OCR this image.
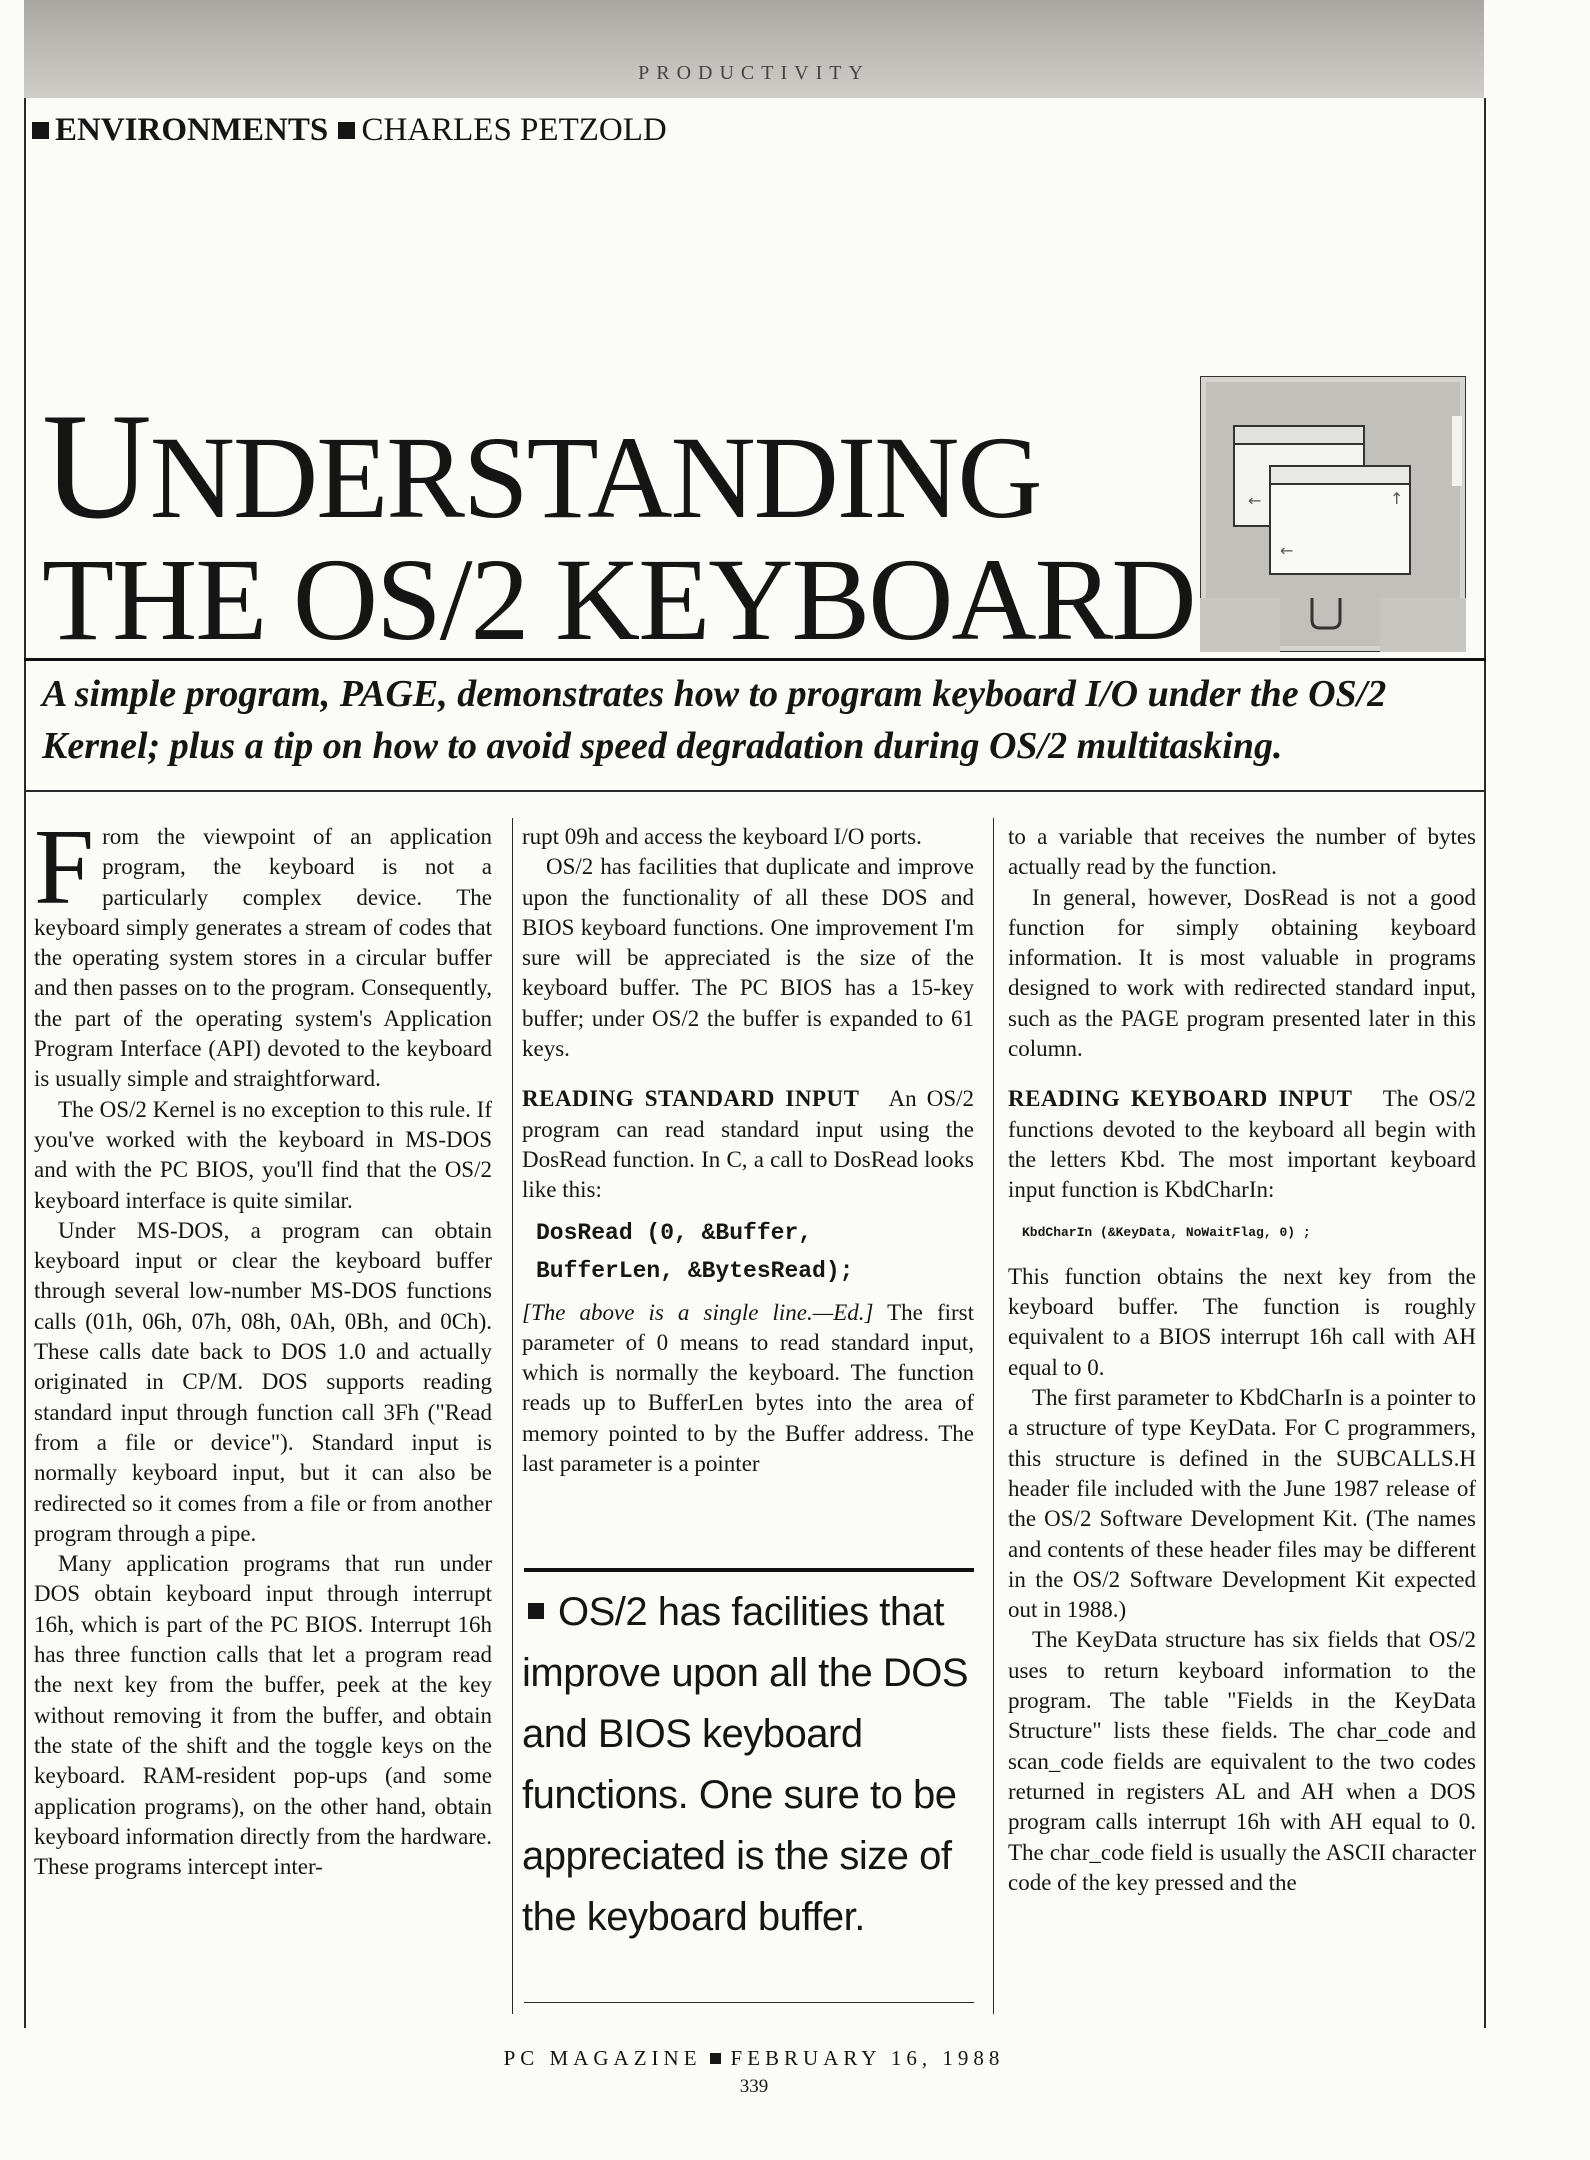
PRODUCTIVITY
ENVIRONMENTS CHARLES PETZOLD
UNDERSTANDING
THE OS/2 KEYBOARD
←	↑
←
A simple program, PAGE, demonstrates how to program keyboard I/O under the OS/2 Kernel; plus a tip on how to avoid speed degradation during OS/2 multitasking.

From the viewpoint of an application program, the keyboard is not a particularly complex device. The keyboard simply generates a stream of codes that the operating system stores in a circular buffer and then passes on to the program. Consequently, the part of the operating system's Application Program Interface (API) devoted to the keyboard is usually simple and straightforward.

The OS/2 Kernel is no exception to this rule. If you've worked with the keyboard in MS-DOS and with the PC BIOS, you'll find that the OS/2 keyboard interface is quite similar.

Under MS-DOS, a program can obtain keyboard input or clear the keyboard buffer through several low-number MS-DOS functions calls (01h, 06h, 07h, 08h, 0Ah, 0Bh, and 0Ch). These calls date back to DOS 1.0 and actually originated in CP/M. DOS supports reading standard input through function call 3Fh ("Read from a file or device"). Standard input is normally keyboard input, but it can also be redirected so it comes from a file or from another program through a pipe.

Many application programs that run under DOS obtain keyboard input through interrupt 16h, which is part of the PC BIOS. Interrupt 16h has three function calls that let a program read the next key from the buffer, peek at the key without removing it from the buffer, and obtain the state of the shift and the toggle keys on the keyboard. RAM-resident pop-ups (and some application programs), on the other hand, obtain keyboard information directly from the hardware. These programs intercept inter-

rupt 09h and access the keyboard I/O ports.

OS/2 has facilities that duplicate and improve upon the functionality of all these DOS and BIOS keyboard functions. One improvement I'm sure will be appreciated is the size of the keyboard buffer. The PC BIOS has a 15-key buffer; under OS/2 the buffer is expanded to 61 keys.

READING STANDARD INPUT An OS/2 program can read standard input using the DosRead function. In C, a call to DosRead looks like this:

DosRead (0, &Buffer,
BufferLen, &BytesRead);

[The above is a single line.—Ed.] The first parameter of 0 means to read standard input, which is normally the keyboard. The function reads up to BufferLen bytes into the area of memory pointed to by the Buffer address. The last parameter is a pointer

OS/2 has facilities that improve upon all the DOS and BIOS keyboard functions. One sure to be appreciated is the size of the keyboard buffer.

to a variable that receives the number of bytes actually read by the function.

In general, however, DosRead is not a good function for simply obtaining keyboard information. It is most valuable in programs designed to work with redirected standard input, such as the PAGE program presented later in this column.

READING KEYBOARD INPUT The OS/2 functions devoted to the keyboard all begin with the letters Kbd. The most important keyboard input function is KbdCharIn:

KbdCharIn (&KeyData, NoWaitFlag, 0) ;

This function obtains the next key from the keyboard buffer. The function is roughly equivalent to a BIOS interrupt 16h call with AH equal to 0.

The first parameter to KbdCharIn is a pointer to a structure of type KeyData. For C programmers, this structure is defined in the SUBCALLS.H header file included with the June 1987 release of the OS/2 Software Development Kit. (The names and contents of these header files may be different in the OS/2 Software Development Kit expected out in 1988.)

The KeyData structure has six fields that OS/2 uses to return keyboard information to the program. The table "Fields in the KeyData Structure" lists these fields. The char_code and scan_code fields are equivalent to the two codes returned in registers AL and AH when a DOS program calls interrupt 16h with AH equal to 0. The char_code field is usually the ASCII character code of the key pressed and the

PC MAGAZINE FEBRUARY 16, 1988
339
